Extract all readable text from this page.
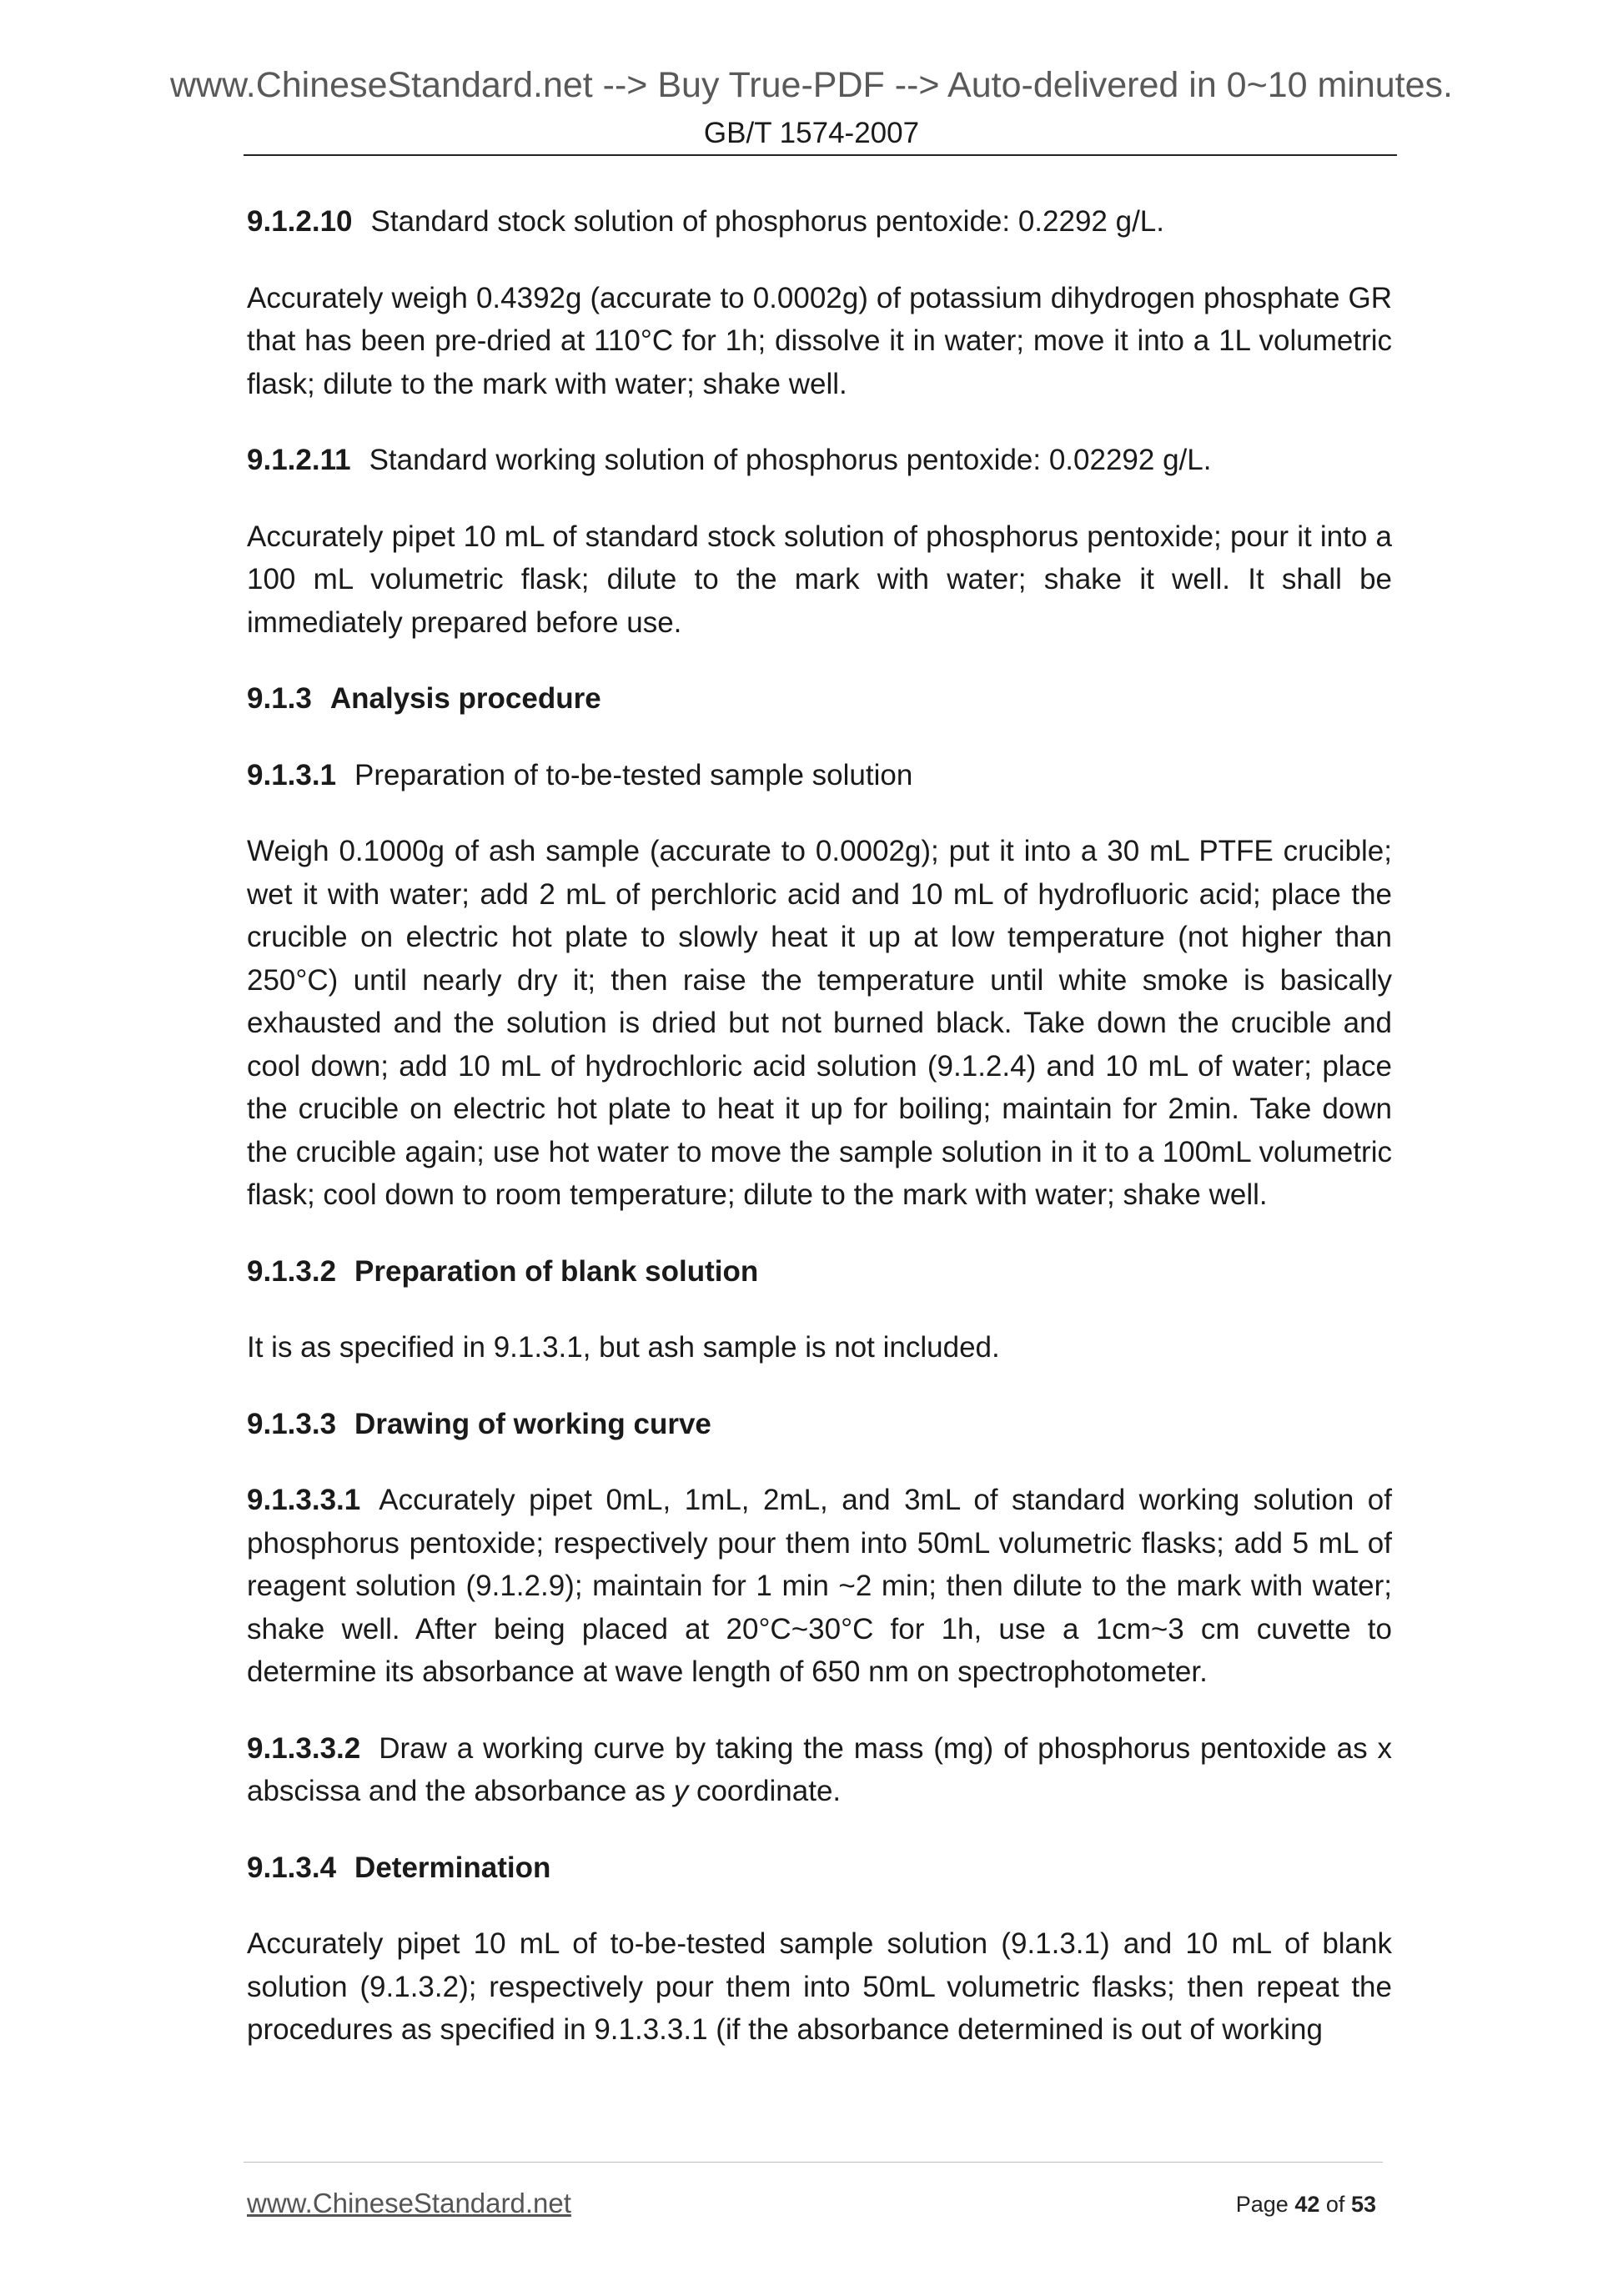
www.ChineseStandard.net --> Buy True-PDF --> Auto-delivered in 0~10 minutes.
GB/T 1574-2007
9.1.2.10 Standard stock solution of phosphorus pentoxide: 0.2292 g/L.

Accurately weigh 0.4392g (accurate to 0.0002g) of potassium dihydrogen phosphate GR that has been pre-dried at 110°C for 1h; dissolve it in water; move it into a 1L volumetric flask; dilute to the mark with water; shake well.

9.1.2.11 Standard working solution of phosphorus pentoxide: 0.02292 g/L.

Accurately pipet 10 mL of standard stock solution of phosphorus pentoxide; pour it into a 100 mL volumetric flask; dilute to the mark with water; shake it well. It shall be immediately prepared before use.

9.1.3 Analysis procedure
9.1.3.1 Preparation of to-be-tested sample solution

Weigh 0.1000g of ash sample (accurate to 0.0002g); put it into a 30 mL PTFE crucible; wet it with water; add 2 mL of perchloric acid and 10 mL of hydrofluoric acid; place the crucible on electric hot plate to slowly heat it up at low temperature (not higher than 250°C) until nearly dry it; then raise the temperature until white smoke is basically exhausted and the solution is dried but not burned black. Take down the crucible and cool down; add 10 mL of hydrochloric acid solution (9.1.2.4) and 10 mL of water; place the crucible on electric hot plate to heat it up for boiling; maintain for 2min. Take down the crucible again; use hot water to move the sample solution in it to a 100mL volumetric flask; cool down to room temperature; dilute to the mark with water; shake well.

9.1.3.2 Preparation of blank solution

It is as specified in 9.1.3.1, but ash sample is not included.

9.1.3.3 Drawing of working curve

9.1.3.3.1 Accurately pipet 0mL, 1mL, 2mL, and 3mL of standard working solution of phosphorus pentoxide; respectively pour them into 50mL volumetric flasks; add 5 mL of reagent solution (9.1.2.9); maintain for 1 min ~2 min; then dilute to the mark with water; shake well. After being placed at 20°C~30°C for 1h, use a 1cm~3 cm cuvette to determine its absorbance at wave length of 650 nm on spectrophotometer.

9.1.3.3.2 Draw a working curve by taking the mass (mg) of phosphorus pentoxide as x abscissa and the absorbance as y coordinate.

9.1.3.4 Determination

Accurately pipet 10 mL of to-be-tested sample solution (9.1.3.1) and 10 mL of blank solution (9.1.3.2); respectively pour them into 50mL volumetric flasks; then repeat the procedures as specified in 9.1.3.3.1 (if the absorbance determined is out of working

www.ChineseStandard.net	Page 42 of 53
